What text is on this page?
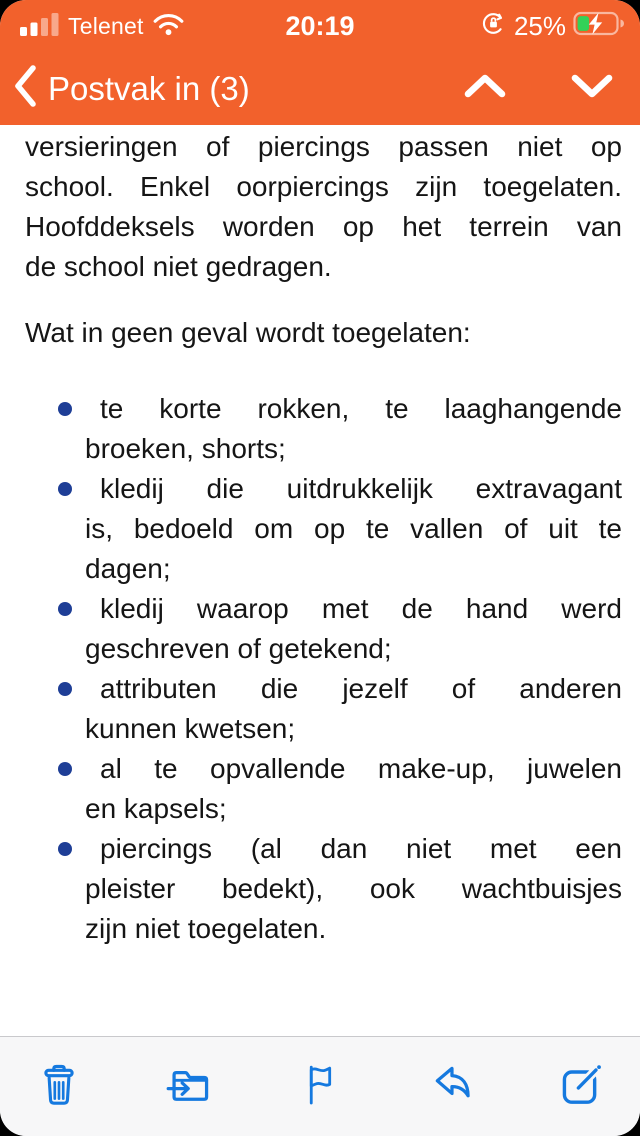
Telenet	20:19	25%
Postvak in (3)
versieringen of piercings passen niet op
school. Enkel oorpiercings zijn toegelaten.
Hoofddeksels worden op het terrein van
de school niet gedragen.
Wat in geen geval wordt toegelaten:
te korte rokken, te laaghangende
broeken, shorts;
kledij die uitdrukkelijk extravagant
is, bedoeld om op te vallen of uit te
dagen;
kledij waarop met de hand werd
geschreven of getekend;
attributen die jezelf of anderen
kunnen kwetsen;
al te opvallende make-up, juwelen
en kapsels;
piercings (al dan niet met een
pleister bedekt), ook wachtbuisjes
zijn niet toegelaten.
